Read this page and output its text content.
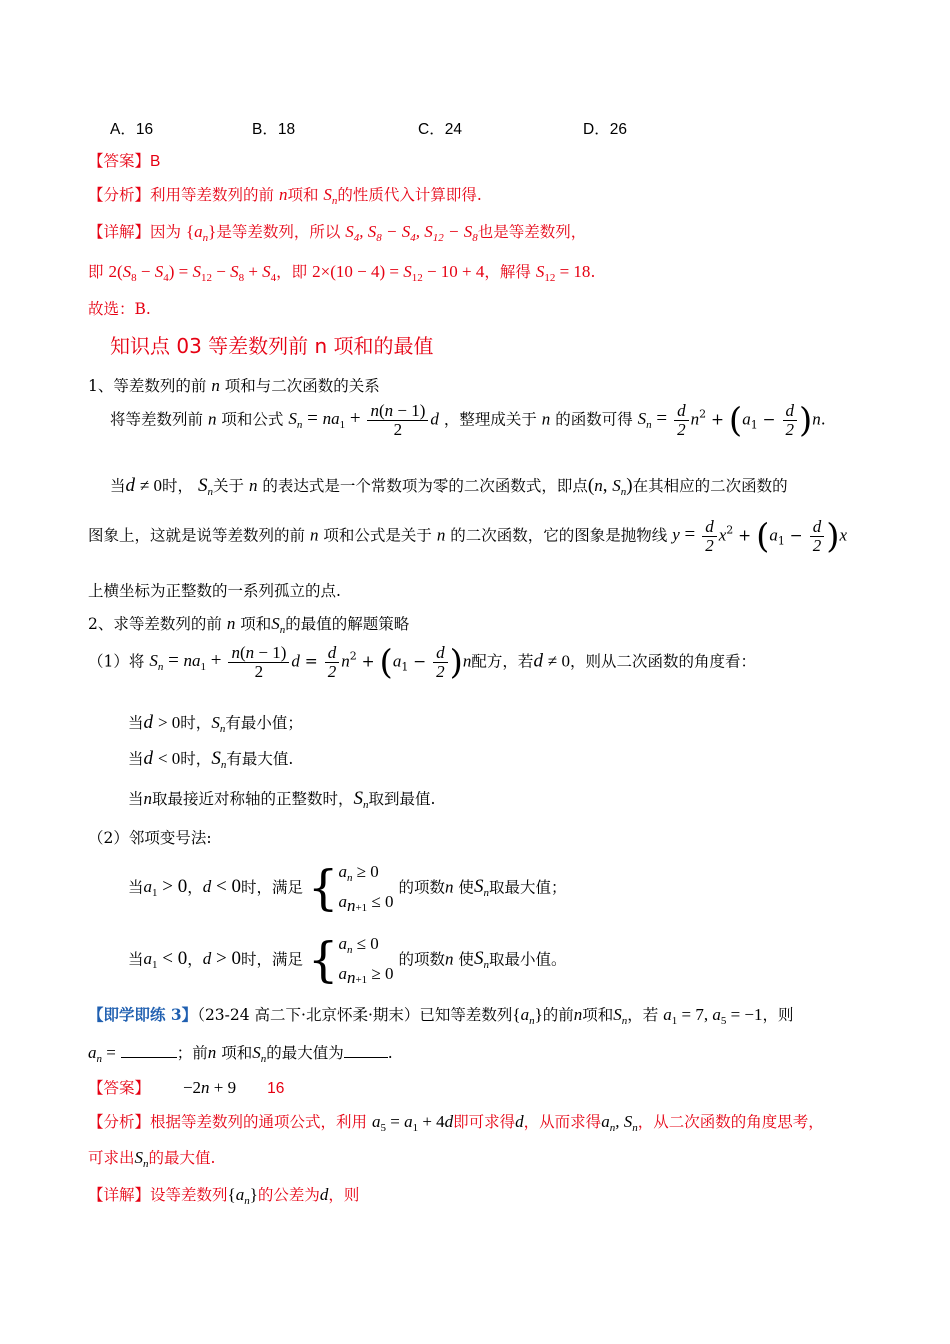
A．16	B．18	C．24	D．26
【答案】B
【分析】利用等差数列的前 n项和 $S_n$的性质代入计算即得.
【详解】因为 $\{a_n\}$是等差数列，所以 $S_4$, $S_8 - S_4$, $S_{12} - S_8$也是等差数列，
即 $2(S_8 - S_4) = S_{12} - S_8 + S_4$，即 $2\times(10 - 4) = S_{12} - 10 + 4$，解得 $S_{12} = 18$.
故选：B.
知识点 03 等差数列前 n 项和的最值
1、等差数列的前 n 项和与二次函数的关系
将等差数列前 n 项和公式 $S_n = na_1 + \frac{n(n - 1)}{2}$ d ，整理成关于 n 的函数可得 $S_n = \frac{d}{2} n^2 + (a_1 - \frac{d}{2} )n$.
当d ≠ 0时， $S_n$关于 n 的表达式是一个常数项为零的二次函数式，即点(n, $S_n$)在其相应的二次函数的
图象上，这就是说等差数列的前 n 项和公式是关于 n 的二次函数，它的图象是抛物线 $y = \frac{d}{2} x^2 + (a_1 - \frac{d}{2} )x$
上横坐标为正整数的一系列孤立的点.
2、求等差数列的前 n 项和$S_n$的最值的解题策略
（1）将 $S_n = na_1 + \frac{n(n - 1)}{2}$ $d = \frac{d}{2} n^2 + (a_1 - \frac{d}{2} )n$配方，若d ≠ 0，则从二次函数的角度看：
当d > 0时，$S_n$有最小值；
当d < 0时，$S_n$有最大值.
当n取最接近对称轴的正整数时，$S_n$取到最值.
（2）邻项变号法:
当$a_1 > 0$，d < 0时，满足 { $a_n \ge 0$
$a_{n+1} \le 0$
的项数n 使$S_n$取最大值；
当$a_1 < 0$，d > 0时，满足 { $a_n \le 0$
$a_{n+1} \ge 0$
的项数n 使$S_n$取最小值。
【即学即练 3】（23-24 高二下·北京怀柔·期末）已知等差数列$\{a_n\}$的前n项和$S_n$，若 $a_1 = 7$, $a_5 = -1$，则
$a_n$ =	；前n 项和$S_n$的最大值为	.
【答案】 −2n + 9 16
【分析】根据等差数列的通项公式，利用 $a_5 = a_1 + 4d$即可求得d，从而求得$a_n$, $S_n$，从二次函数的角度思考，
可求出$S_n$的最大值.
【详解】设等差数列$\{a_n\}$的公差为d，则
